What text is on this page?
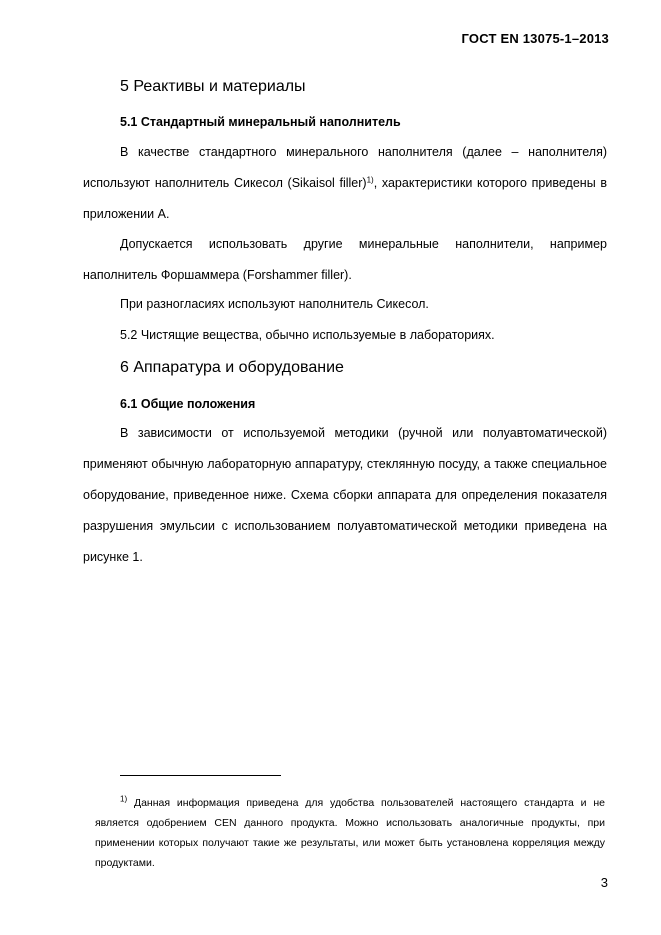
ГОСТ EN 13075-1–2013
5 Реактивы и материалы
5.1 Стандартный минеральный наполнитель

В качестве стандартного минерального наполнителя (далее – наполнителя) используют наполнитель Сикесол (Sikaisol filler)$^{1)}$, характеристики которого приведены в приложении А.

Допускается использовать другие минеральные наполнители, например наполнитель Форшаммера (Forshammer filler).

При разногласиях используют наполнитель Сикесол.
5.2 Чистящие вещества, обычно используемые в лабораториях.
6 Аппаратура и оборудование
6.1 Общие положения

В зависимости от используемой методики (ручной или полуавтоматической) применяют обычную лабораторную аппаратуру, стеклянную посуду, а также специальное оборудование, приведенное ниже. Схема сборки аппарата для определения показателя разрушения эмульсии с использованием полуавтоматической методики приведена на рисунке 1.

$^{1)}$ Данная информация приведена для удобства пользователей настоящего стандарта и не является одобрением CEN данного продукта. Можно использовать аналогичные продукты, при применении которых получают такие же результаты, или может быть установлена корреляция между продуктами.

3
